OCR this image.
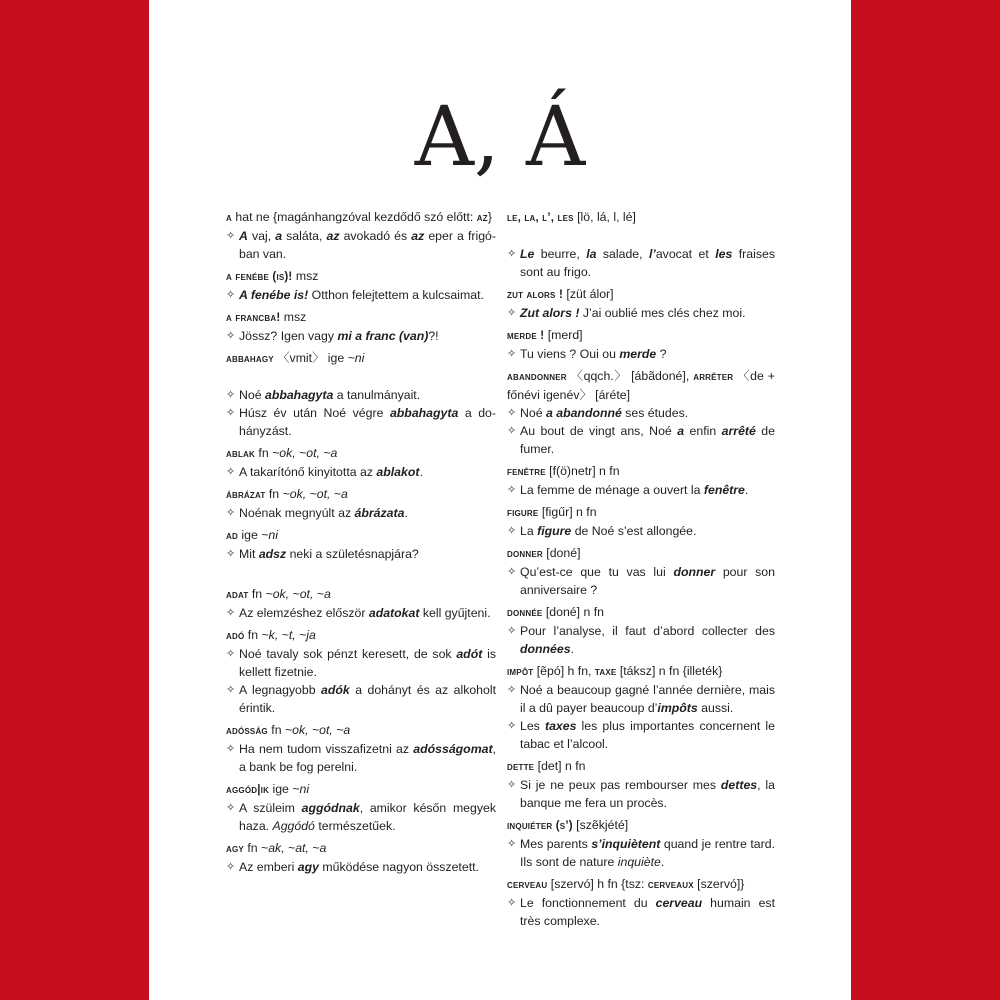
A, Á
a hat ne {magánhangzóval kezdődő szó előtt: az}
✧ A vaj, a saláta, az avokadó és az eper a frigóban van.
a fenébe (is)! msz
✧ A fenébe is! Otthon felejtettem a kulcsaimat.
a francba! msz
✧ Jössz? Igen vagy mi a franc (van)?!
abbahagy 〈vmit〉 ige ~ni
✧ Noé abbahagyta a tanulmányait.
✧ Húsz év után Noé végre abbahagyta a dohányzást.
ablak fn ~ok, ~ot, ~a
✧ A takarítónő kinyitotta az ablakot.
ábrázat fn ~ok, ~ot, ~a
✧ Noénak megnyúlt az ábrázata.
ad ige ~ni
✧ Mit adsz neki a születésnapjára?
adat fn ~ok, ~ot, ~a
✧ Az elemzéshez először adatokat kell gyűjteni.
adó fn ~k, ~t, ~ja
✧ Noé tavaly sok pénzt keresett, de sok adót is kellett fizetnie.
✧ A legnagyobb adók a dohányt és az alkoholt érintik.
adósság fn ~ok, ~ot, ~a
✧ Ha nem tudom visszafizetni az adósságomat, a bank be fog perelni.
aggód|ik ige ~ni
✧ A szüleim aggódnak, amikor későn megyek haza. Aggódó természetűek.
agy fn ~ak, ~at, ~a
✧ Az emberi agy működése nagyon összetett.
le, la, l’, les [lö, lá, l, lé]
✧ Le beurre, la salade, l’avocat et les fraises sont au frigo.
zut alors ! [züt álor]
✧ Zut alors ! J’ai oublié mes clés chez moi.
merde ! [merd]
✧ Tu viens ? Oui ou merde ?
abandonner 〈qqch.〉 [ábãdoné], arrêter 〈de + főnévi igenév〉 [áréte]
✧ Noé a abandonné ses études.
✧ Au bout de vingt ans, Noé a enfin arrêté de fumer.
fenêtre [f(ö)netr] n fn
✧ La femme de ménage a ouvert la fenêtre.
figure [figűr] n fn
✧ La figure de Noé s’est allongée.
donner [doné]
✧ Qu’est-ce que tu vas lui donner pour son anniversaire ?
donnée [doné] n fn
✧ Pour l’analyse, il faut d’abord collecter des données.
impôt [ẽpó] h fn, taxe [táksz] n fn {illeték}
✧ Noé a beaucoup gagné l’année dernière, mais il a dû payer beaucoup d’impôts aussi.
✧ Les taxes les plus importantes concernent le tabac et l’alcool.
dette [det] n fn
✧ Si je ne peux pas rembourser mes dettes, la banque me fera un procès.
inquiéter (s’) [szẽkjété]
✧ Mes parents s’inquiètent quand je rentre tard. Ils sont de nature inquiète.
cerveau [szervó] h fn {tsz: cerveaux [szervó]}
✧ Le fonctionnement du cerveau humain est très complexe.
